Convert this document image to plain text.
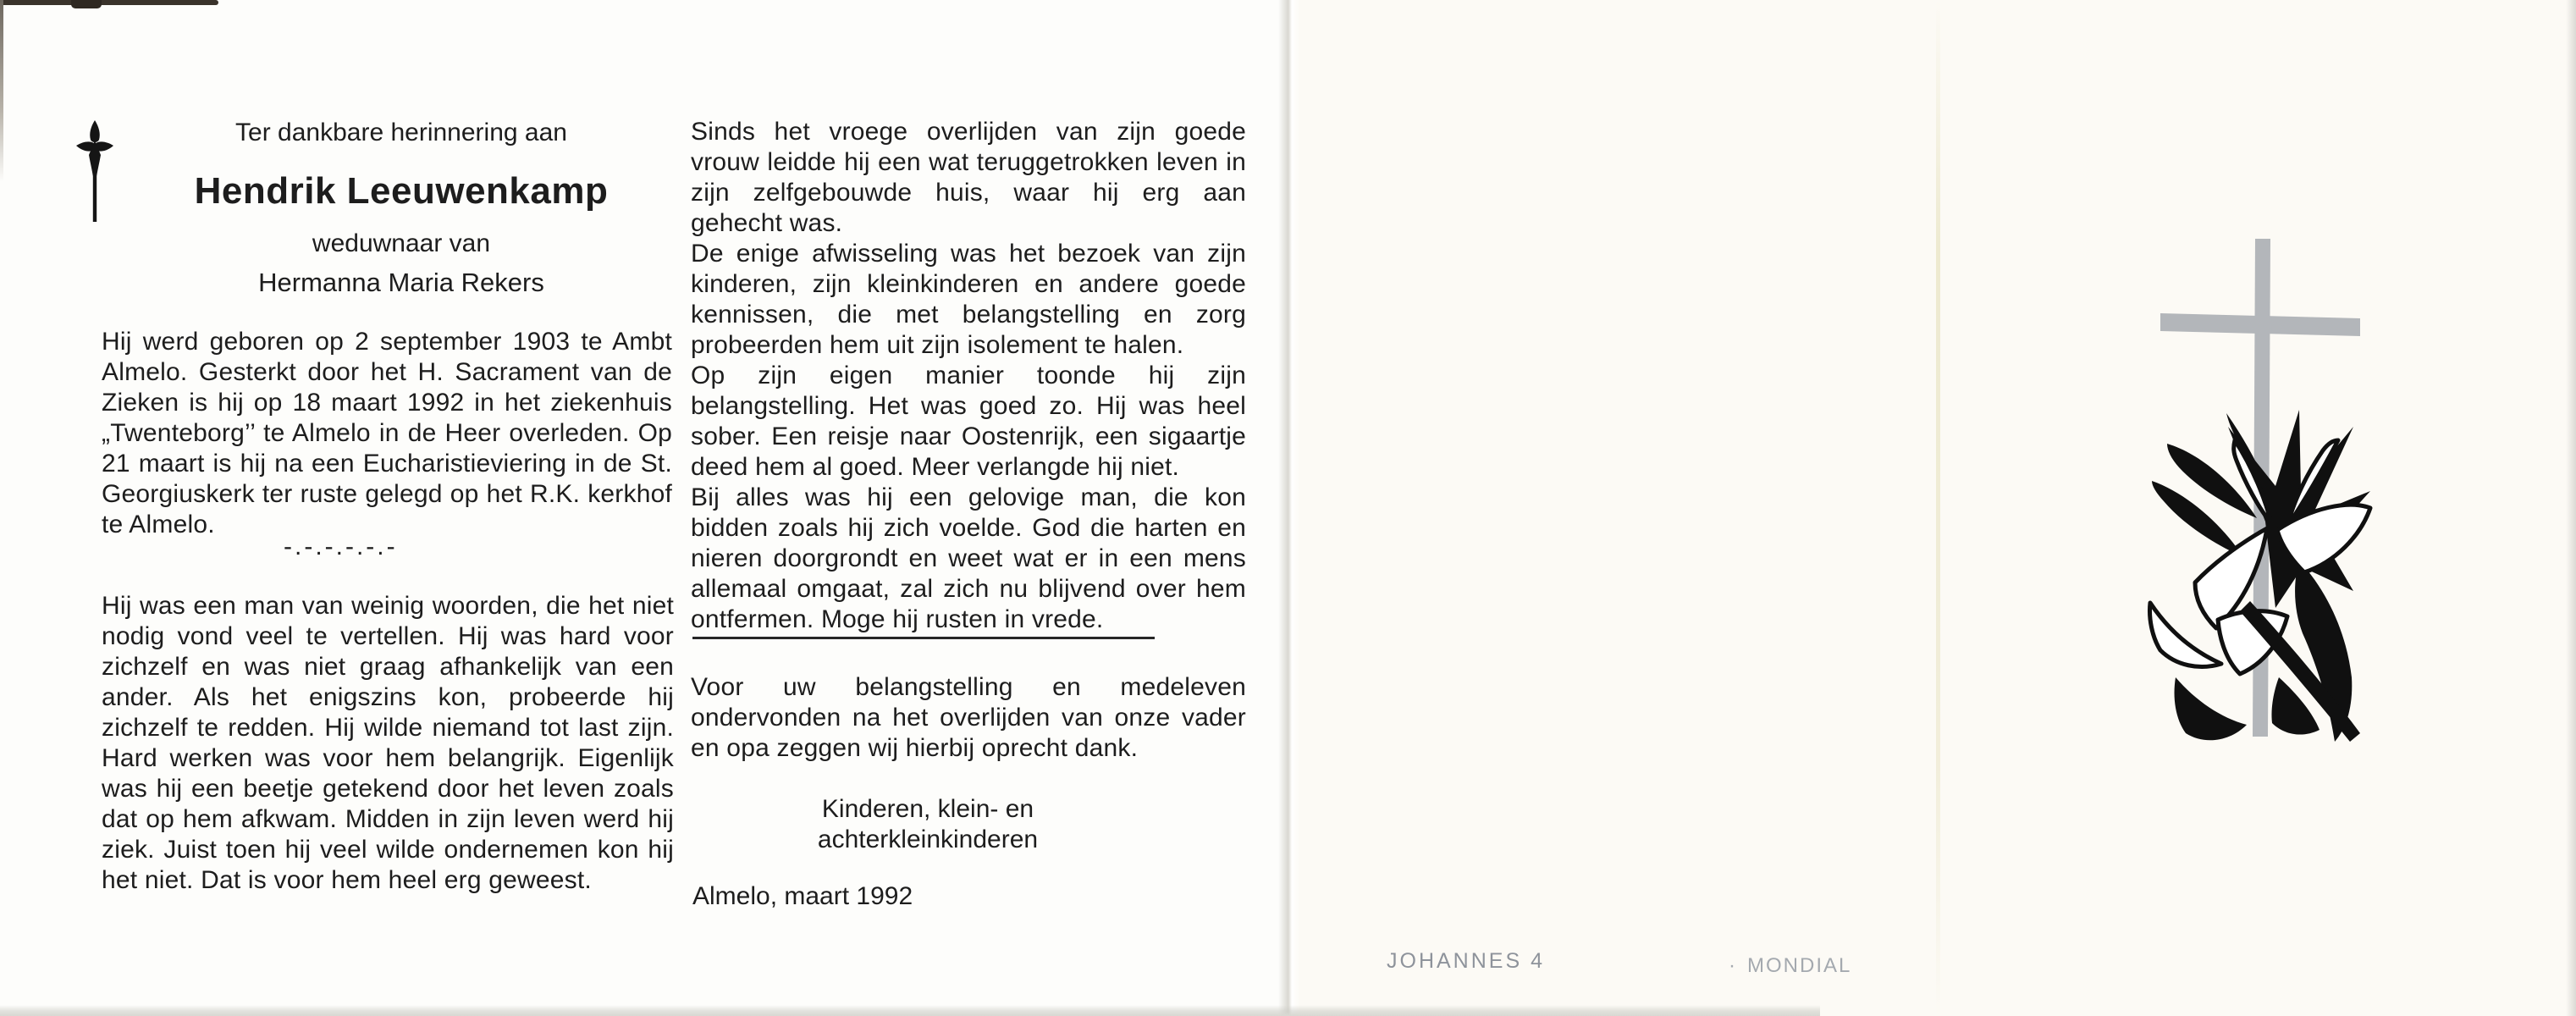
Ter dankbare herinnering aan
Hendrik Leeuwenkamp
weduwnaar van
Hermanna Maria Rekers
Hij werd geboren op 2 september 1903 te Ambt Almelo. Gesterkt door het H. Sacrament van de Zieken is hij op 18 maart 1992 in het ziekenhuis „Twenteborg’’ te Almelo in de Heer overleden. Op 21 maart is hij na een Eucharistieviering in de St. Georgiuskerk ter ruste gelegd op het R.K. kerkhof te Almelo.
-.-.-.-.-.-
Hij was een man van weinig woorden, die het niet nodig vond veel te vertellen. Hij was hard voor zichzelf en was niet graag afhankelijk van een ander. Als het enigszins kon, probeerde hij zichzelf te redden. Hij wilde niemand tot last zijn. Hard werken was voor hem belangrijk. Eigenlijk was hij een beetje getekend door het leven zoals dat op hem afkwam. Midden in zijn leven werd hij ziek. Juist toen hij veel wilde ondernemen kon hij het niet. Dat is voor hem heel erg geweest.

Sinds het vroege overlijden van zijn goede vrouw leidde hij een wat teruggetrokken leven in zijn zelfgebouwde huis, waar hij erg aan gehecht was.

De enige afwisseling was het bezoek van zijn kinderen, zijn kleinkinderen en andere goede kennissen, die met belangstelling en zorg probeerden hem uit zijn isolement te halen.

Op zijn eigen manier toonde hij zijn belangstelling. Het was goed zo. Hij was heel sober. Een reisje naar Oostenrijk, een sigaartje deed hem al goed. Meer verlangde hij niet.

Bij alles was hij een gelovige man, die kon bidden zoals hij zich voelde. God die harten en nieren doorgrondt en weet wat er in een mens allemaal omgaat, zal zich nu blijvend over hem ontfermen. Moge hij rusten in vrede.

Voor uw belangstelling en medeleven ondervonden na het overlijden van onze vader en opa zeggen wij hierbij oprecht dank.
Kinderen, klein- en
achterkleinkinderen
Almelo, maart 1992
JOHANNES 4	· MONDIAL
